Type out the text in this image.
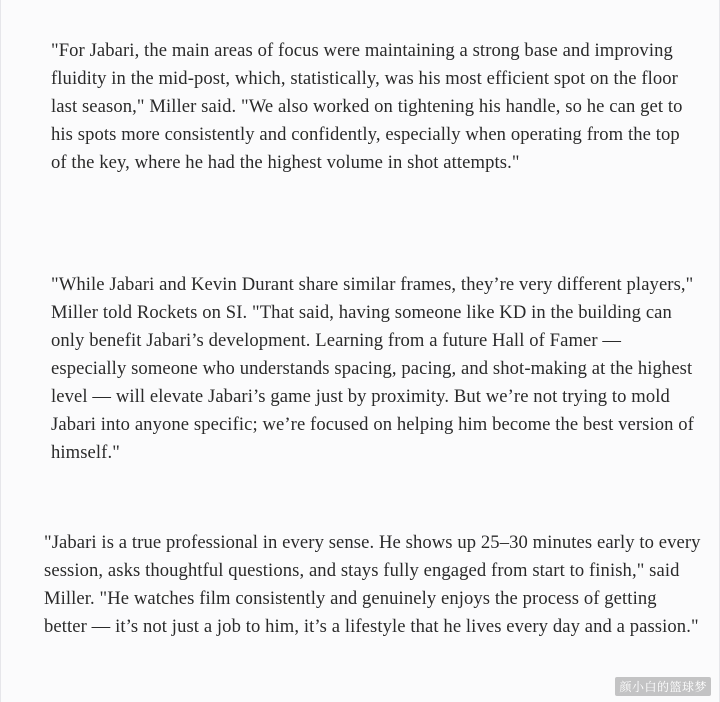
"For Jabari, the main areas of focus were maintaining a strong base and improving fluidity in the mid-post, which, statistically, was his most efficient spot on the floor last season," Miller said. "We also worked on tightening his handle, so he can get to his spots more consistently and confidently, especially when operating from the top of the key, where he had the highest volume in shot attempts."

"While Jabari and Kevin Durant share similar frames, they’re very different players," Miller told Rockets on SI. "That said, having someone like KD in the building can only benefit Jabari’s development. Learning from a future Hall of Famer — especially someone who understands spacing, pacing, and shot-making at the highest level — will elevate Jabari’s game just by proximity. But we’re not trying to mold Jabari into anyone specific; we’re focused on helping him become the best version of himself."

"Jabari is a true professional in every sense. He shows up 25–30 minutes early to every session, asks thoughtful questions, and stays fully engaged from start to finish," said Miller. "He watches film consistently and genuinely enjoys the process of getting better — it’s not just a job to him, it’s a lifestyle that he lives every day and a passion."

颜小白的篮球梦
